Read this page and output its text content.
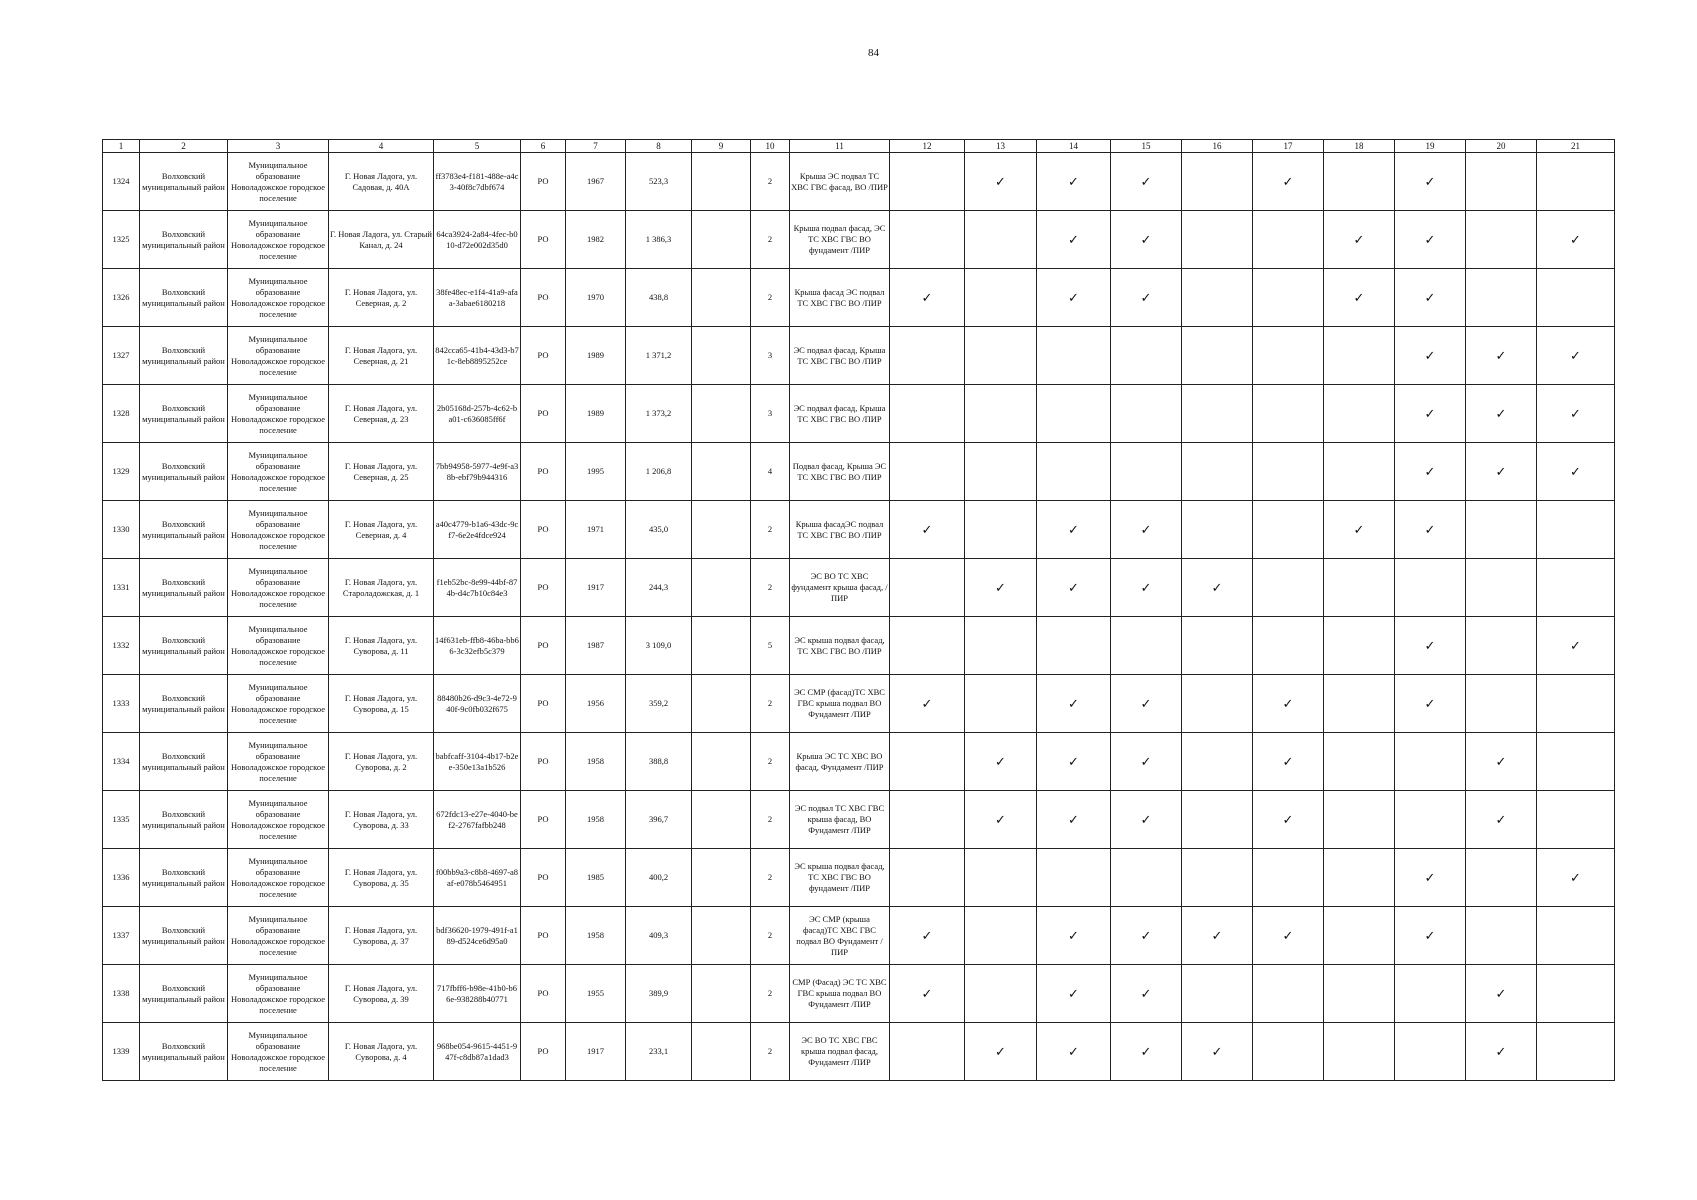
84
1	2	3	4	5	6	7	8	9	10	11	12	13	14	15	16	17	18	19	20	21
1324	Волховский муниципальный район	Муниципальное образование Новоладожское городское поселение	Г. Новая Ладога, ул. Садовая, д. 40А	ff3783e4-f181-488e-a4c3-40f8c7dbf674	РО	1967	523,3		2	Крыша ЭС подвал ТС ХВС ГВС фасад, ВО /ПИР		✓	✓	✓		✓		✓		
1325	Волховский муниципальный район	Муниципальное образование Новоладожское городское поселение	Г. Новая Ладога, ул. Старый Канал, д. 24	64ca3924-2a84-4fec-b010-d72e002d35d0	РО	1982	1 386,3		2	Крыша подвал фасад, ЭС ТС ХВС ГВС ВО фундамент /ПИР			✓	✓			✓	✓		✓
1326	Волховский муниципальный район	Муниципальное образование Новоладожское городское поселение	Г. Новая Ладога, ул. Северная, д. 2	38fe48ec-e1f4-41a9-afaa-3abae6180218	РО	1970	438,8		2	Крыша фасад ЭС подвал ТС ХВС ГВС ВО /ПИР	✓		✓	✓			✓	✓		
1327	Волховский муниципальный район	Муниципальное образование Новоладожское городское поселение	Г. Новая Ладога, ул. Северная, д. 21	842cca65-41b4-43d3-b71c-8eb8895252ce	РО	1989	1 371,2		3	ЭС подвал фасад, Крыша ТС ХВС ГВС ВО /ПИР								✓	✓	✓
1328	Волховский муниципальный район	Муниципальное образование Новоладожское городское поселение	Г. Новая Ладога, ул. Северная, д. 23	2b05168d-257b-4c62-ba01-c636085ff6f	РО	1989	1 373,2		3	ЭС подвал фасад, Крыша ТС ХВС ГВС ВО /ПИР								✓	✓	✓
1329	Волховский муниципальный район	Муниципальное образование Новоладожское городское поселение	Г. Новая Ладога, ул. Северная, д. 25	7bb94958-5977-4e9f-a38b-ebf79b944316	РО	1995	1 206,8		4	Подвал фасад, Крыша ЭС ТС ХВС ГВС ВО /ПИР								✓	✓	✓
1330	Волховский муниципальный район	Муниципальное образование Новоладожское городское поселение	Г. Новая Ладога, ул. Северная, д. 4	a40c4779-b1a6-43dc-9cf7-6e2e4fdce924	РО	1971	435,0		2	Крыша фасадЭС подвал ТС ХВС ГВС ВО /ПИР	✓		✓	✓			✓	✓		
1331	Волховский муниципальный район	Муниципальное образование Новоладожское городское поселение	Г. Новая Ладога, ул. Староладожская, д. 1	f1eb52bc-8e99-44bf-874b-d4c7b10c84e3	РО	1917	244,3		2	ЭС ВО ТС ХВС фундамент крыша фасад, /ПИР		✓	✓	✓	✓					
1332	Волховский муниципальный район	Муниципальное образование Новоладожское городское поселение	Г. Новая Ладога, ул. Суворова, д. 11	14f631eb-ffb8-46ba-bb66-3c32efb5c379	РО	1987	3 109,0		5	ЭС крыша подвал фасад, ТС ХВС ГВС ВО /ПИР								✓		✓
1333	Волховский муниципальный район	Муниципальное образование Новоладожское городское поселение	Г. Новая Ладога, ул. Суворова, д. 15	88480b26-d9c3-4e72-940f-9c0fb032f675	РО	1956	359,2		2	ЭС СМР (фасад)ТС ХВС ГВС крыша подвал ВО Фундамент /ПИР	✓		✓	✓		✓		✓		
1334	Волховский муниципальный район	Муниципальное образование Новоладожское городское поселение	Г. Новая Ладога, ул. Суворова, д. 2	babfcaff-3104-4b17-b2ee-350e13a1b526	РО	1958	388,8		2	Крыша ЭС ТС ХВС ВО фасад, Фундамент /ПИР		✓	✓	✓		✓			✓	
1335	Волховский муниципальный район	Муниципальное образование Новоладожское городское поселение	Г. Новая Ладога, ул. Суворова, д. 33	672fdc13-e27e-4040-bef2-2767fafbb248	РО	1958	396,7		2	ЭС подвал ТС ХВС ГВС крыша фасад, ВО Фундамент /ПИР		✓	✓	✓		✓			✓	
1336	Волховский муниципальный район	Муниципальное образование Новоладожское городское поселение	Г. Новая Ладога, ул. Суворова, д. 35	f00bb9a3-c8b8-4697-a8af-e078b5464951	РО	1985	400,2		2	ЭС крыша подвал фасад, ТС ХВС ГВС ВО фундамент /ПИР								✓		✓
1337	Волховский муниципальный район	Муниципальное образование Новоладожское городское поселение	Г. Новая Ладога, ул. Суворова, д. 37	bdf36620-1979-491f-a189-d524ce6d95a0	РО	1958	409,3		2	ЭС СМР (крыша фасад)ТС ХВС ГВС подвал ВО Фундамент /ПИР	✓		✓	✓	✓	✓		✓		
1338	Волховский муниципальный район	Муниципальное образование Новоладожское городское поселение	Г. Новая Ладога, ул. Суворова, д. 39	717fbff6-b98e-41b0-b66e-938288b40771	РО	1955	389,9		2	СМР (Фасад) ЭС ТС ХВС ГВС крыша подвал ВО Фундамент /ПИР	✓		✓	✓					✓	
1339	Волховский муниципальный район	Муниципальное образование Новоладожское городское поселение	Г. Новая Ладога, ул. Суворова, д. 4	968be054-9615-4451-947f-c8db87a1dad3	РО	1917	233,1		2	ЭС ВО ТС ХВС ГВС крыша подвал фасад, Фундамент /ПИР		✓	✓	✓	✓				✓	
